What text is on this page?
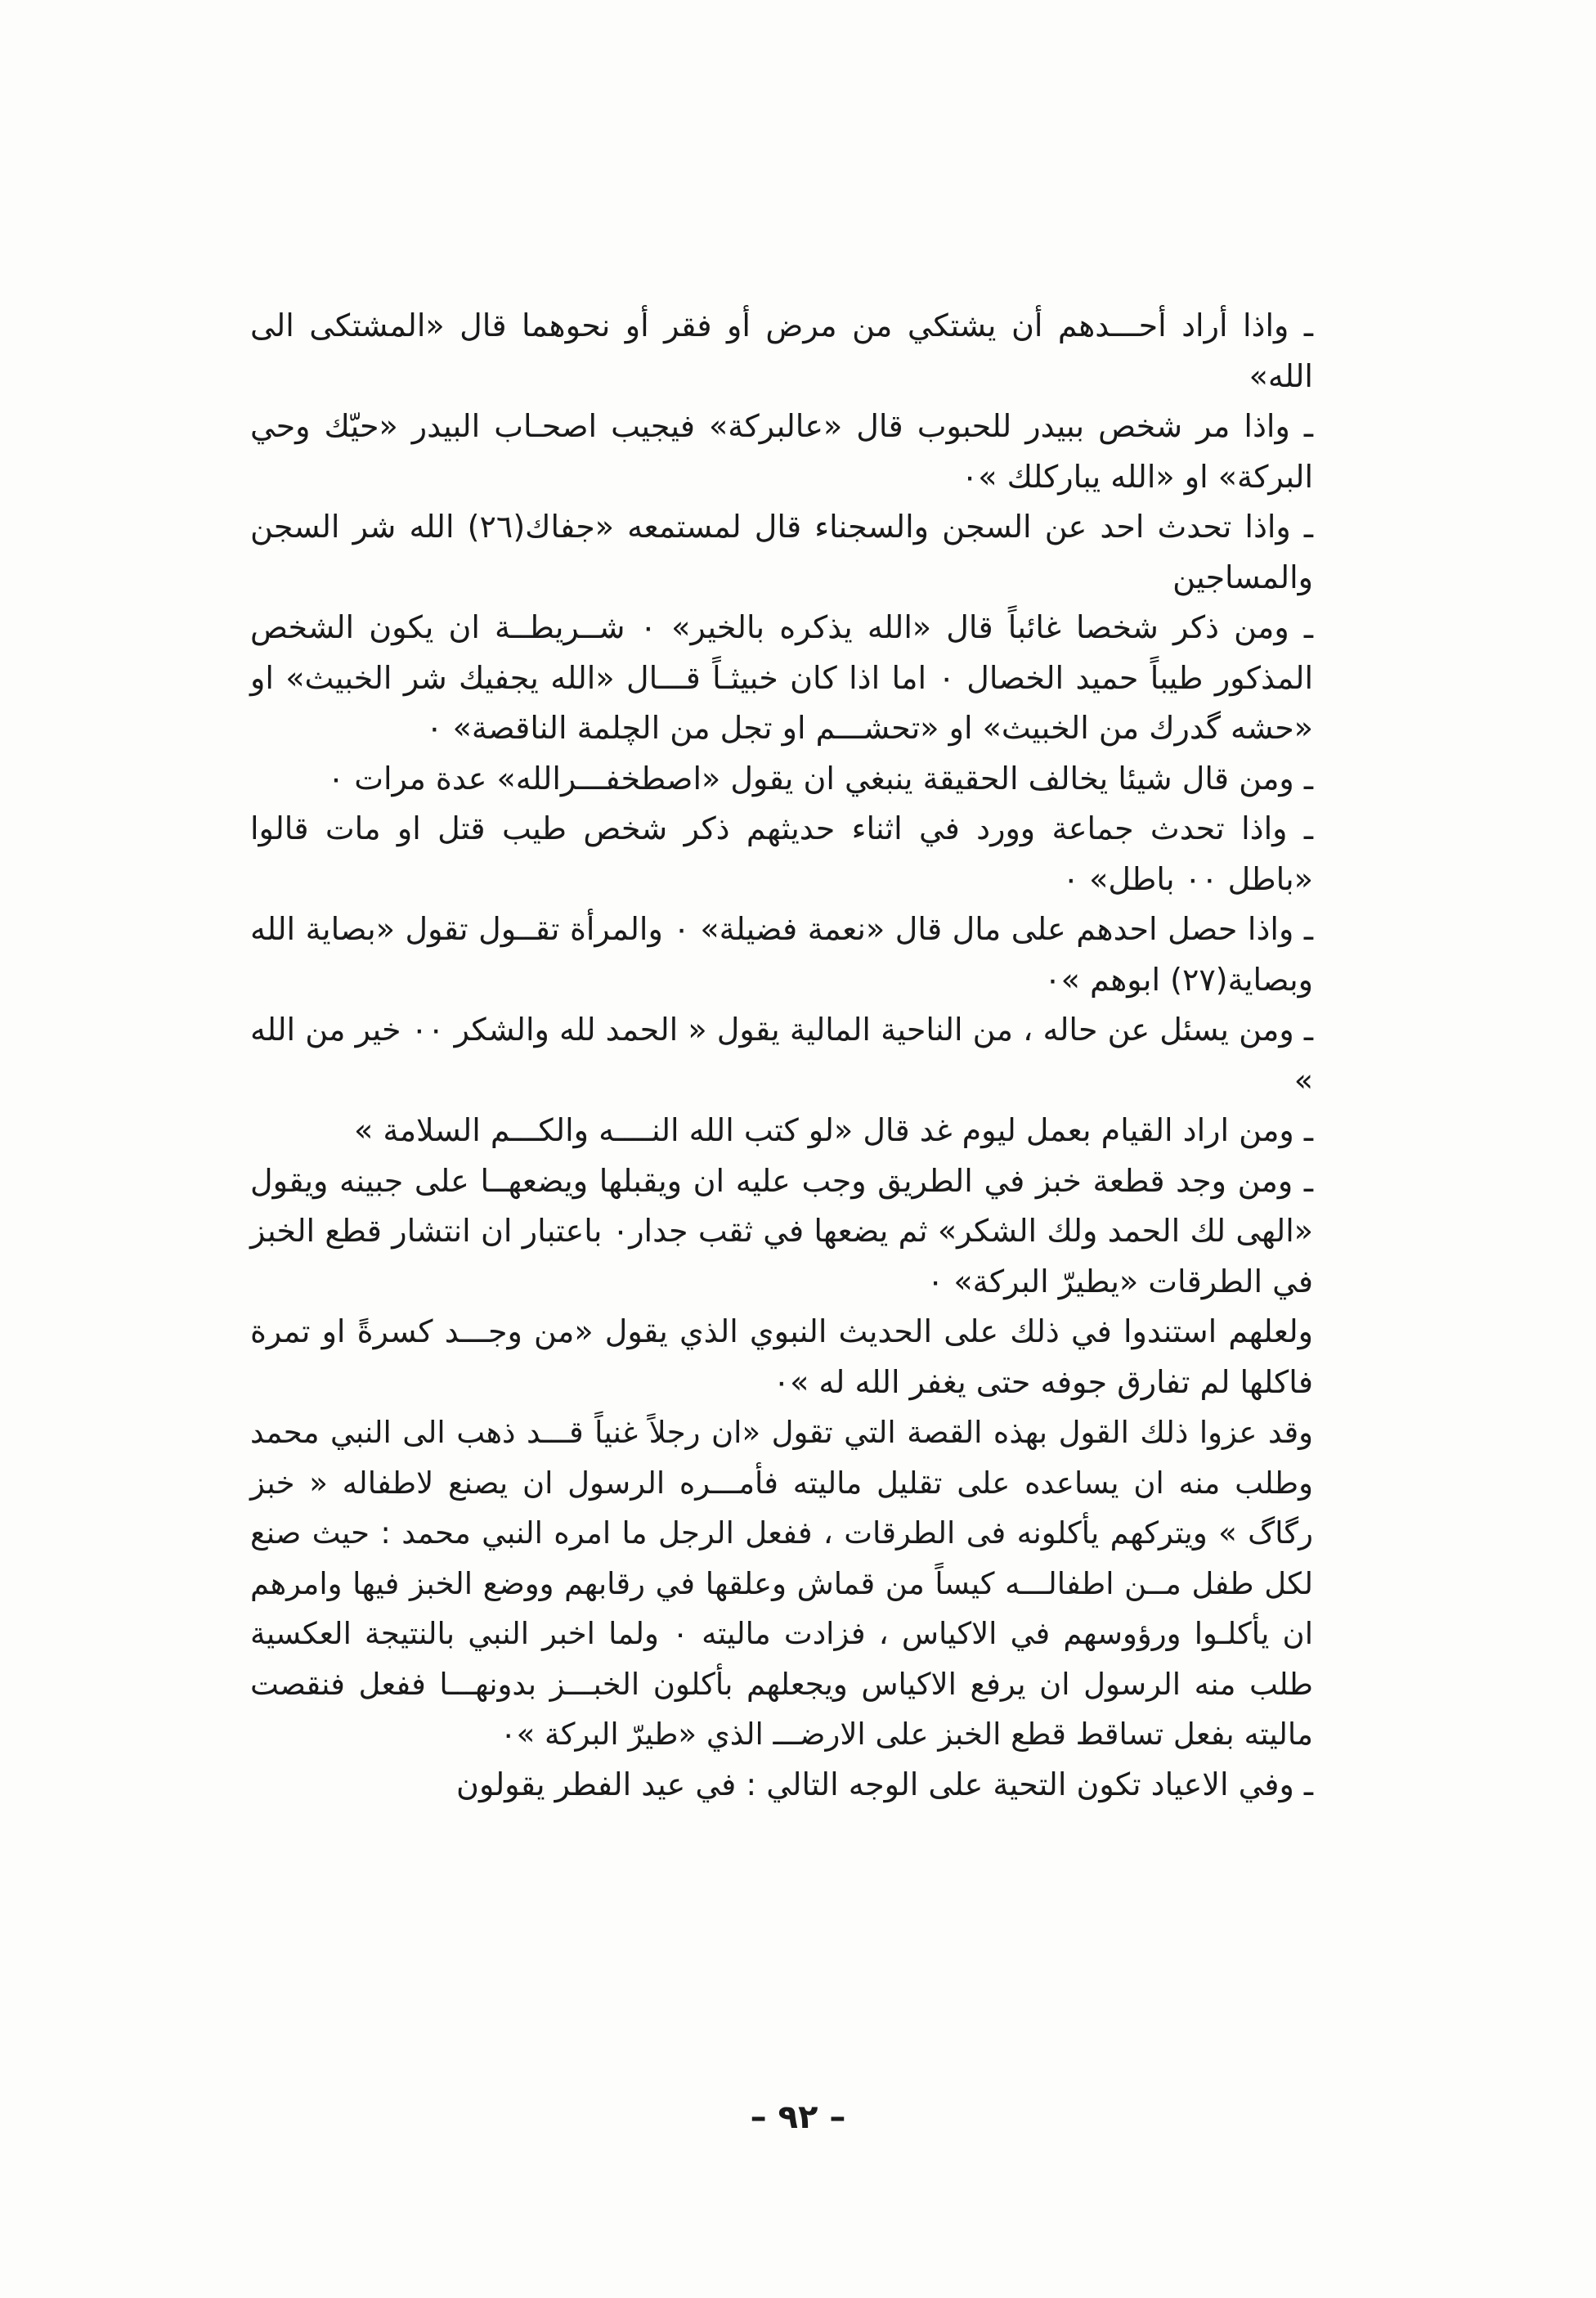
ـ واذا أراد أحـــدهم أن يشتكي من مرض أو فقر أو نحوهما قال «المشتكى الى الله»

ـ واذا مر شخص ببيدر للحبوب قال «عالبركة» فيجيب اصحـاب البيدر «حيّك وحي البركة» او «الله يباركلك »٠

ـ واذا تحدث احد عن السجن والسجناء قال لمستمعه «جفاك(٢٦) الله شر السجن والمساجين

ـ ومن ذكر شخصا غائباً قال «الله يذكره بالخير» ٠ شــريطــة ان يكون الشخص المذكور طيباً حميد الخصال ٠ اما اذا كان خبيثـاً قـــال «الله يجفيك شر الخبيث» او «حشه گدرك من الخبيث» او «تحشـــم او تجل من الچلمة الناقصة» ٠

ـ ومن قال شيئا يخالف الحقيقة ينبغي ان يقول «اصطخفـــرالله» عدة مرات ٠

ـ واذا تحدث جماعة وورد في اثناء حديثهم ذكر شخص طيب قتل او مات قالوا «باطل ٠٠ باطل» ٠

ـ واذا حصل احدهم على مال قال «نعمة فضيلة» ٠ والمرأة تقــول تقول «بصاية الله وبصاية(٢٧) ابوهم »٠

ـ ومن يسئل عن حاله ، من الناحية المالية يقول « الحمد لله والشكر ٠٠ خير من الله »

ـ ومن اراد القيام بعمل ليوم غد قال «لو كتب الله النــــه والكـــم السلامة »

ـ ومن وجد قطعة خبز في الطريق وجب عليه ان ويقبلها ويضعهــا على جبينه ويقول «الهى لك الحمد ولك الشكر» ثم يضعها في ثقب جدار٠ باعتبار ان انتشار قطع الخبز في الطرقات «يطيرّ البركة» ٠

ولعلهم استندوا في ذلك على الحديث النبوي الذي يقول «من وجـــد كسرةً او تمرة فاكلها لم تفارق جوفه حتى يغفر الله له »٠

وقد عزوا ذلك القول بهذه القصة التي تقول «ان رجلاً غنياً قـــد ذهب الى النبي محمد وطلب منه ان يساعده على تقليل ماليته فأمـــره الرسول ان يصنع لاطفاله « خبز رگاگ » ويتركهم يأكلونه فى الطرقات ، ففعل الرجل ما امره النبي محمد : حيث صنع لكل طفل مــن اطفالـــه كيساً من قماش وعلقها في رقابهم ووضع الخبز فيها وامرهم ان يأكلـوا ورؤوسهم في الاكياس ، فزادت ماليته ٠ ولما اخبر النبي بالنتيجة العكسية طلب منه الرسول ان يرفع الاكياس ويجعلهم بأكلون الخبـــز بدونهـــا ففعل فنقصت ماليته بفعل تساقط قطع الخبز على الارضـــ الذي «طيرّ البركة »٠

ـ وفي الاعياد تكون التحية على الوجه التالي : في عيد الفطر يقولون

– ٩٢ –
